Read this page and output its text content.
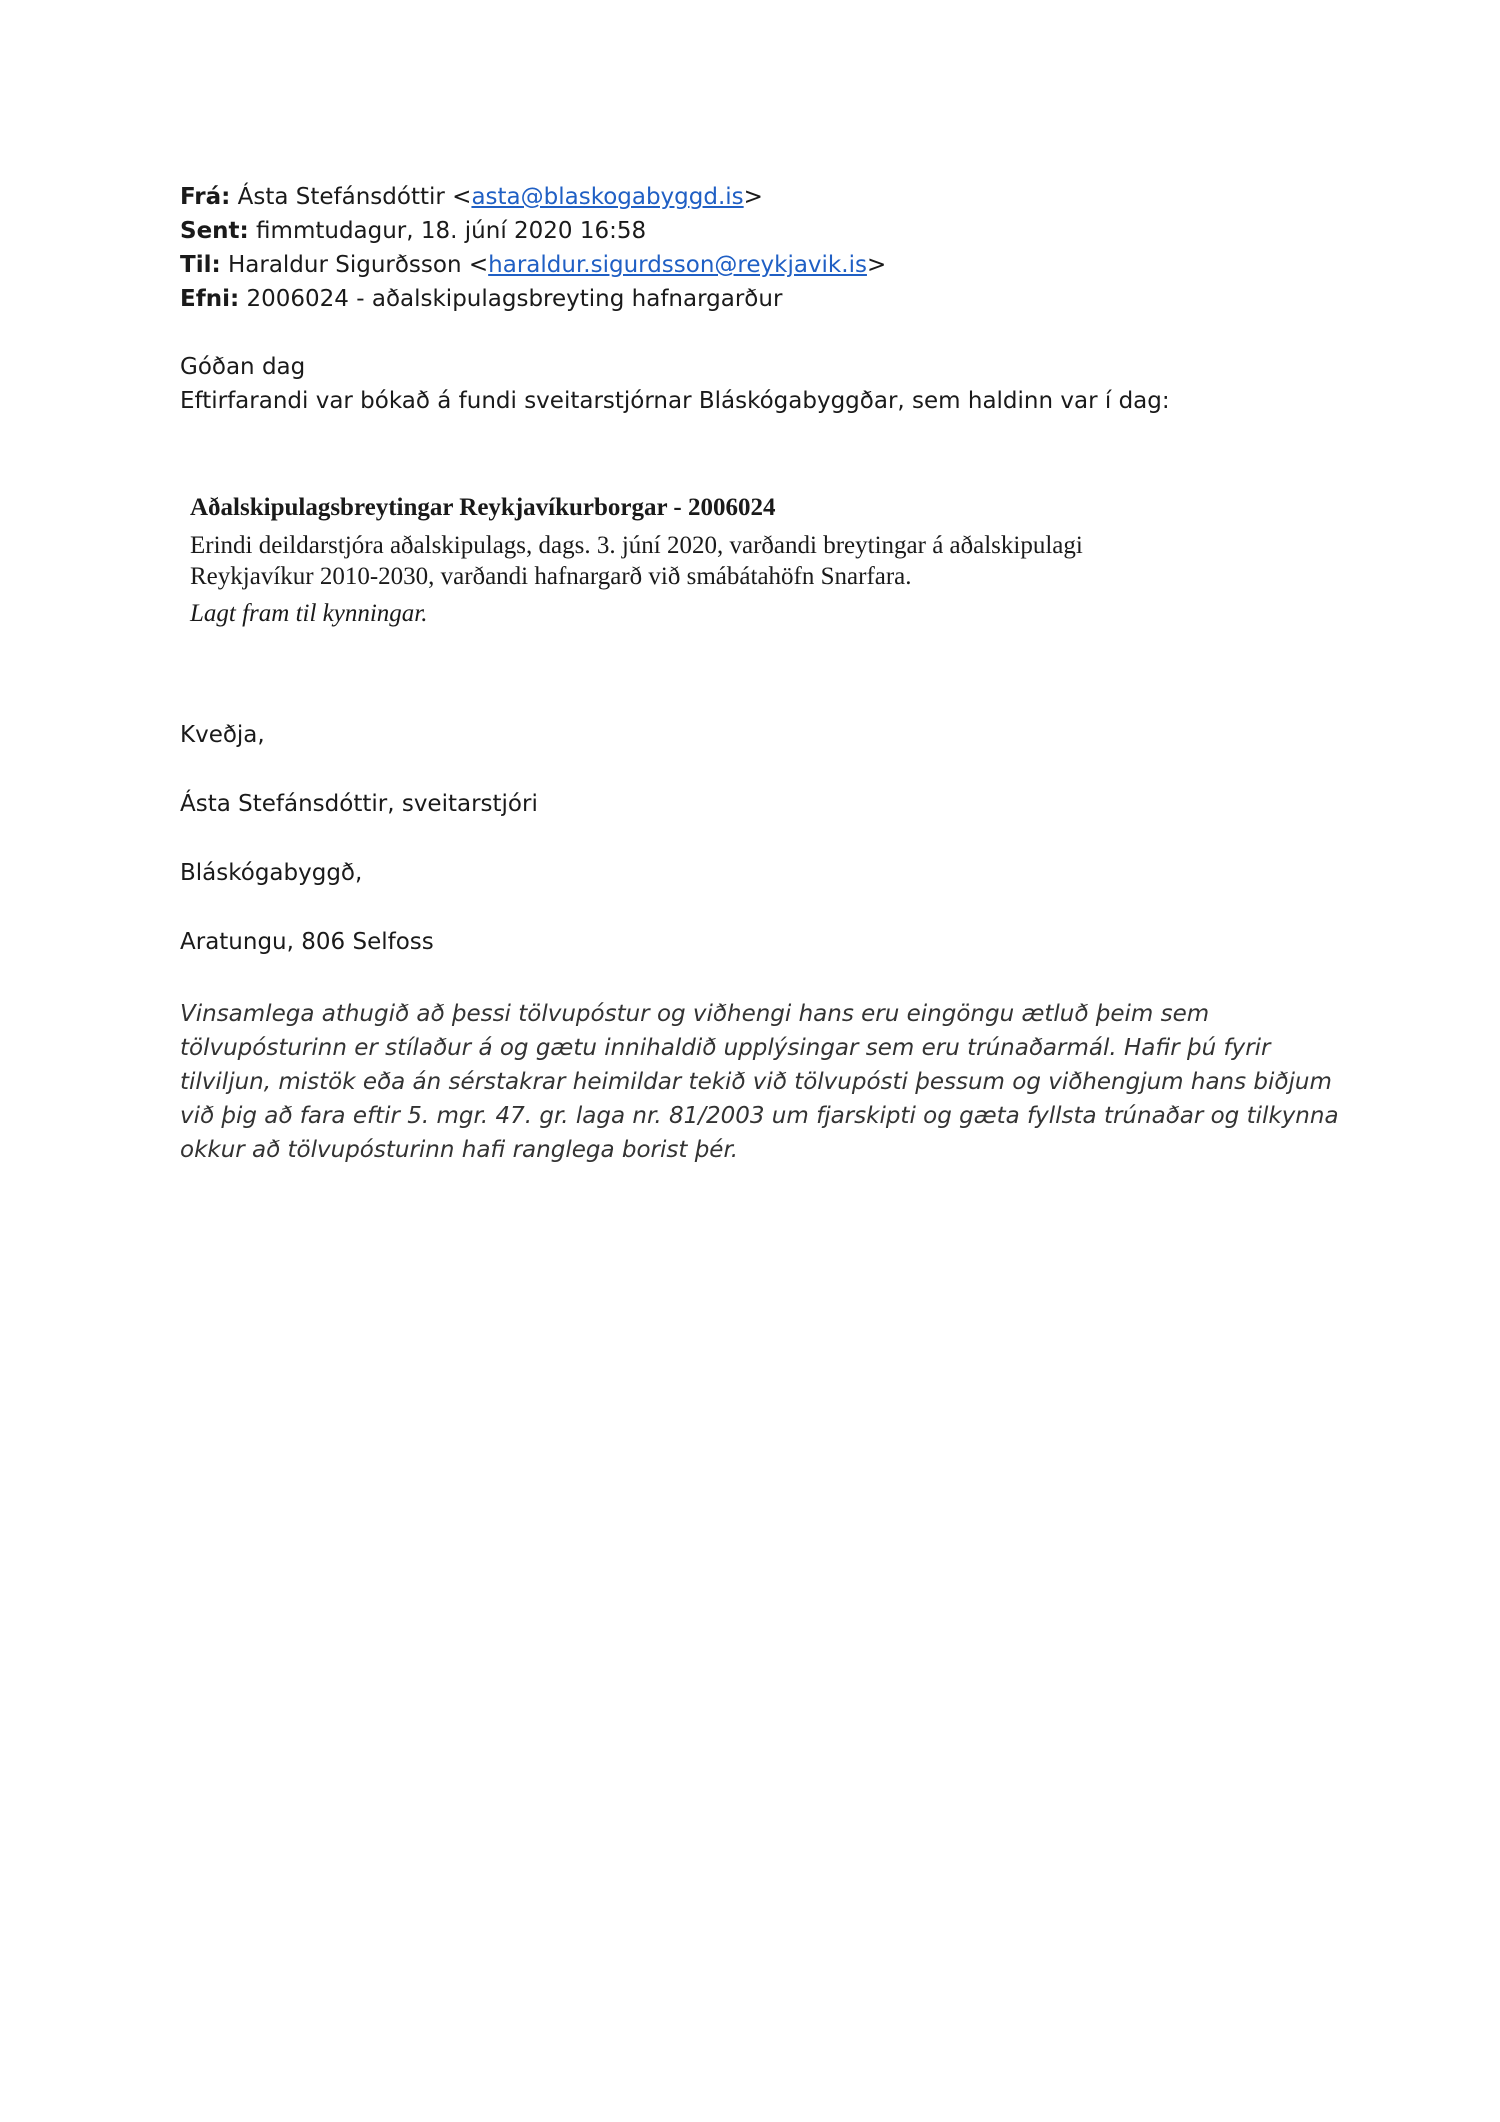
Frá: Ásta Stefánsdóttir <asta@blaskogabyggd.is>
Sent: fimmtudagur, 18. júní 2020 16:58
Til: Haraldur Sigurðsson <haraldur.sigurdsson@reykjavik.is>
Efni: 2006024 - aðalskipulagsbreyting hafnargarður
Góðan dag
Eftirfarandi var bókað á fundi sveitarstjórnar Bláskógabyggðar, sem haldinn var í dag:

Aðalskipulagsbreytingar Reykjavíkurborgar - 2006024

Erindi deildarstjóra aðalskipulags, dags. 3. júní 2020, varðandi breytingar á aðalskipulagi
Reykjavíkur 2010-2030, varðandi hafnargarð við smábátahöfn Snarfara.

Lagt fram til kynningar.

Kveðja,

Ásta Stefánsdóttir, sveitarstjóri

Bláskógabyggð,

Aratungu, 806 Selfoss

Vinsamlega athugið að þessi tölvupóstur og viðhengi hans eru eingöngu ætluð þeim sem
tölvupósturinn er stílaður á og gætu innihaldið upplýsingar sem eru trúnaðarmál. Hafir þú fyrir
tilviljun, mistök eða án sérstakrar heimildar tekið við tölvupósti þessum og viðhengjum hans biðjum
við þig að fara eftir 5. mgr. 47. gr. laga nr. 81/2003 um fjarskipti og gæta fyllsta trúnaðar og tilkynna
okkur að tölvupósturinn hafi ranglega borist þér.
